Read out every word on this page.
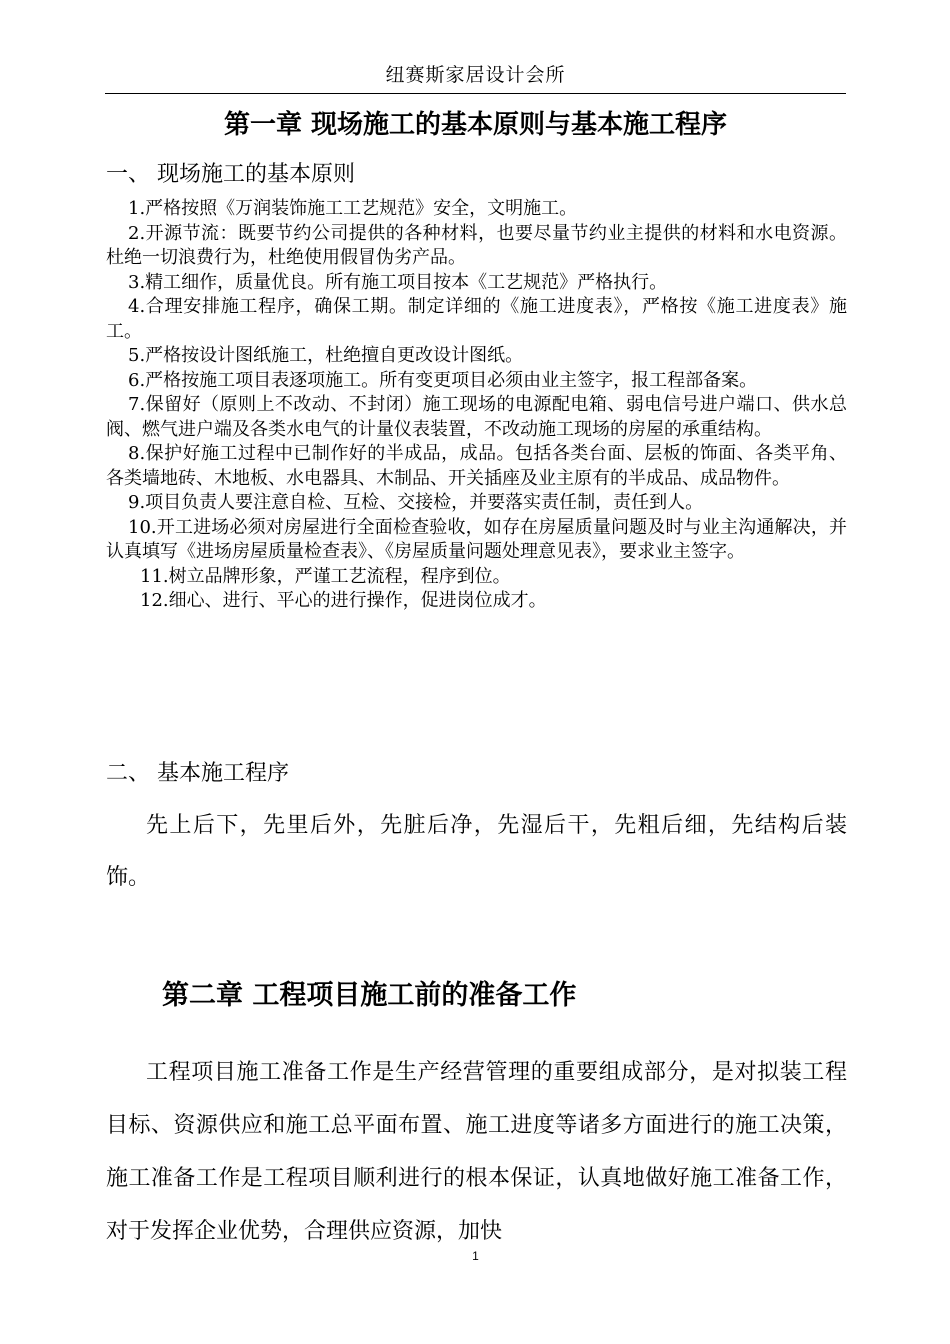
纽赛斯家居设计会所
第一章 现场施工的基本原则与基本施工程序
一、 现场施工的基本原则

1.严格按照《万润装饰施工工艺规范》安全，文明施工。

2.开源节流：既要节约公司提供的各种材料，也要尽量节约业主提供的材料和水电资源。杜绝一切浪费行为，杜绝使用假冒伪劣产品。

3.精工细作，质量优良。所有施工项目按本《工艺规范》严格执行。

4.合理安排施工程序，确保工期。制定详细的《施工进度表》，严格按《施工进度表》施工。

5.严格按设计图纸施工，杜绝擅自更改设计图纸。

6.严格按施工项目表逐项施工。所有变更项目必须由业主签字，报工程部备案。

7.保留好（原则上不改动、不封闭）施工现场的电源配电箱、弱电信号进户端口、供水总阀、燃气进户端及各类水电气的计量仪表装置，不改动施工现场的房屋的承重结构。

8.保护好施工过程中已制作好的半成品，成品。包括各类台面、层板的饰面、各类平角、各类墙地砖、木地板、水电器具、木制品、开关插座及业主原有的半成品、成品物件。

9.项目负责人要注意自检、互检、交接检，并要落实责任制，责任到人。

10.开工进场必须对房屋进行全面检查验收，如存在房屋质量问题及时与业主沟通解决，并认真填写《进场房屋质量检查表》、《房屋质量问题处理意见表》，要求业主签字。

11.树立品牌形象，严谨工艺流程，程序到位。

12.细心、进行、平心的进行操作，促进岗位成才。

二、 基本施工程序
先上后下，先里后外，先脏后净，先湿后干，先粗后细，先结构后装饰。
第二章 工程项目施工前的准备工作
工程项目施工准备工作是生产经营管理的重要组成部分，是对拟装工程目标、资源供应和施工总平面布置、施工进度等诸多方面进行的施工决策，施工准备工作是工程项目顺利进行的根本保证，认真地做好施工准备工作，对于发挥企业优势，合理供应资源，加快
1
